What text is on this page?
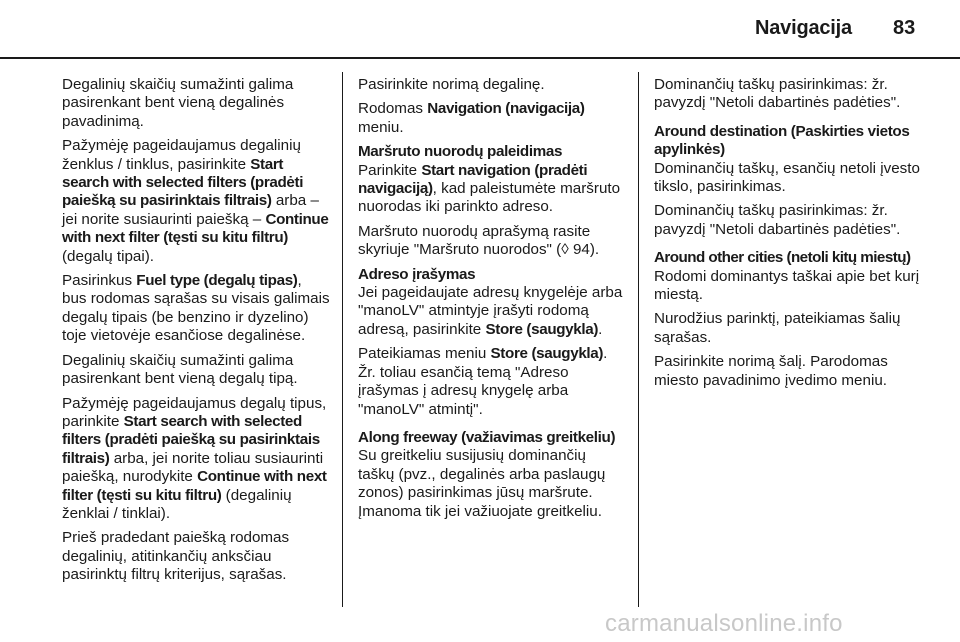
Navigacija 83

Degalinių skaičių sumažinti galima pasirenkant bent vieną degalinės pavadinimą.

Pažymėję pageidaujamus degalinių ženklus / tinklus, pasirinkite Start search with selected filters (pradėti paiešką su pasirinktais filtrais) arba – jei norite susiaurinti paiešką – Continue with next filter (tęsti su kitu filtru) (degalų tipai).

Pasirinkus Fuel type (degalų tipas), bus rodomas sąrašas su visais galimais degalų tipais (be benzino ir dyzelino) toje vietovėje esančiose degalinėse.

Degalinių skaičių sumažinti galima pasirenkant bent vieną degalų tipą.

Pažymėję pageidaujamus degalų tipus, parinkite Start search with selected filters (pradėti paiešką su pasirinktais filtrais) arba, jei norite toliau susiaurinti paiešką, nurodykite Continue with next filter (tęsti su kitu filtru) (degalinių ženklai / tinklai).

Prieš pradedant paiešką rodomas degalinių, atitinkančių anksčiau pasirinktų filtrų kriterijus, sąrašas.

Pasirinkite norimą degalinę.

Rodomas Navigation (navigacija) meniu.

Maršruto nuorodų paleidimas
Parinkite Start navigation (pradėti navigaciją), kad paleistumėte maršruto nuorodas iki parinkto adreso.

Maršruto nuorodų aprašymą rasite skyriuje "Maršruto nuorodos" (◊ 94).

Adreso įrašymas
Jei pageidaujate adresų knygelėje arba "manoLV" atmintyje įrašyti rodomą adresą, pasirinkite Store (saugykla).

Pateikiamas meniu Store (saugykla). Žr. toliau esančią temą "Adreso įrašymas į adresų knygelę arba "manoLV" atmintį".

Along freeway (važiavimas greitkeliu)
Su greitkeliu susijusių dominančių taškų (pvz., degalinės arba paslaugų zonos) pasirinkimas jūsų maršrute. Įmanoma tik jei važiuojate greitkeliu.

Dominančių taškų pasirinkimas: žr. pavyzdį "Netoli dabartinės padėties".

Around destination (Paskirties vietos apylinkės)
Dominančių taškų, esančių netoli įvesto tikslo, pasirinkimas.

Dominančių taškų pasirinkimas: žr. pavyzdį "Netoli dabartinės padėties".

Around other cities (netoli kitų miestų)
Rodomi dominantys taškai apie bet kurį miestą.

Nurodžius parinktį, pateikiamas šalių sąrašas.

Pasirinkite norimą šalį. Parodomas miesto pavadinimo įvedimo meniu.

carmanualsonline.info
